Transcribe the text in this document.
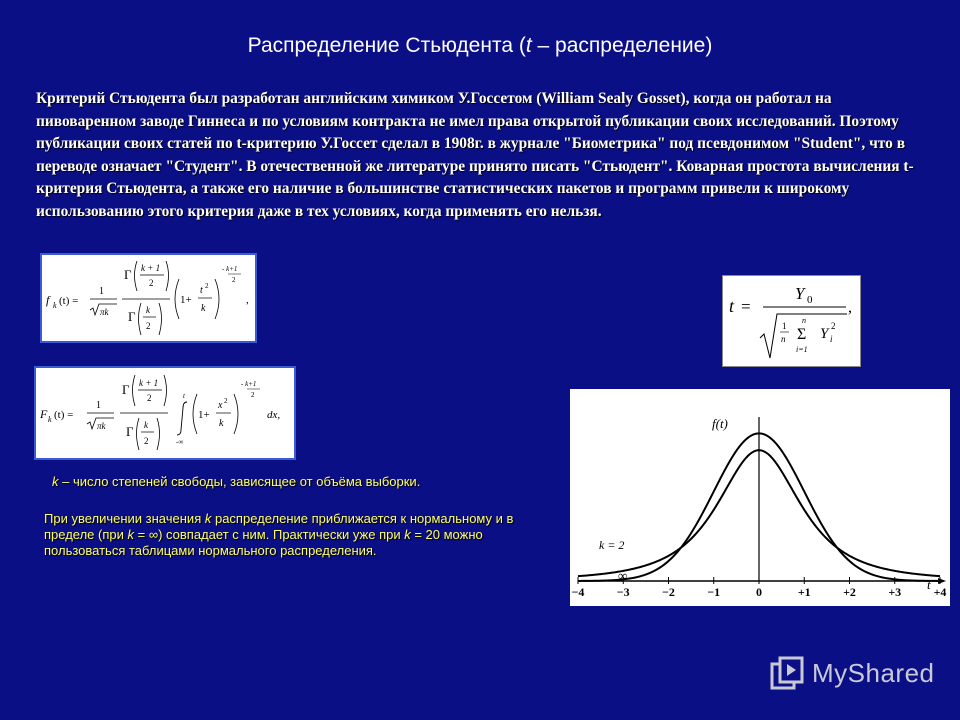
Распределение Стьюдента (t – распределение)
Критерий Стьюдента был разработан английским химиком У.Госсетом (William Sealy Gosset), когда он работал на пивоваренном заводе Гиннеса и по условиям контракта не имел права открытой публикации своих исследований. Поэтому публикации своих статей по t-критерию У.Госсет сделал в 1908г. в журнале "Биометрика" под псевдонимом "Student", что в переводе означает "Студент". В отечественной же литературе принято писать "Стьюдент". Коварная простота вычисления t-критерия Стьюдента, а также его наличие в большинстве статистических пакетов и программ привели к широкому использованию этого критерия даже в тех условиях, когда применять его нельзя.
f k (t) =
1
πk
Γ k + 1
2
Γ k
2
1+
t 2
k
- k+1
2
,
F k (t) =
1
πk
Γ k + 1
2
Γ k
2
t
-∞
1+
x 2
k
- k+1
2
dx,
t =
Y 0
1
n
n
Σ
i=1
Y i
2
,
f(t)
t
k = 2
∞
−4	−3	−2	−1	0	+1	+2	+3	+4
k – число степеней свободы, зависящее от объёма выборки.
При увеличении значения k распределение приближается к нормальному и в пределе (при k = ∞) совпадает с ним. Практически уже при k = 20 можно пользоваться таблицами нормального распределения.
MyShared
